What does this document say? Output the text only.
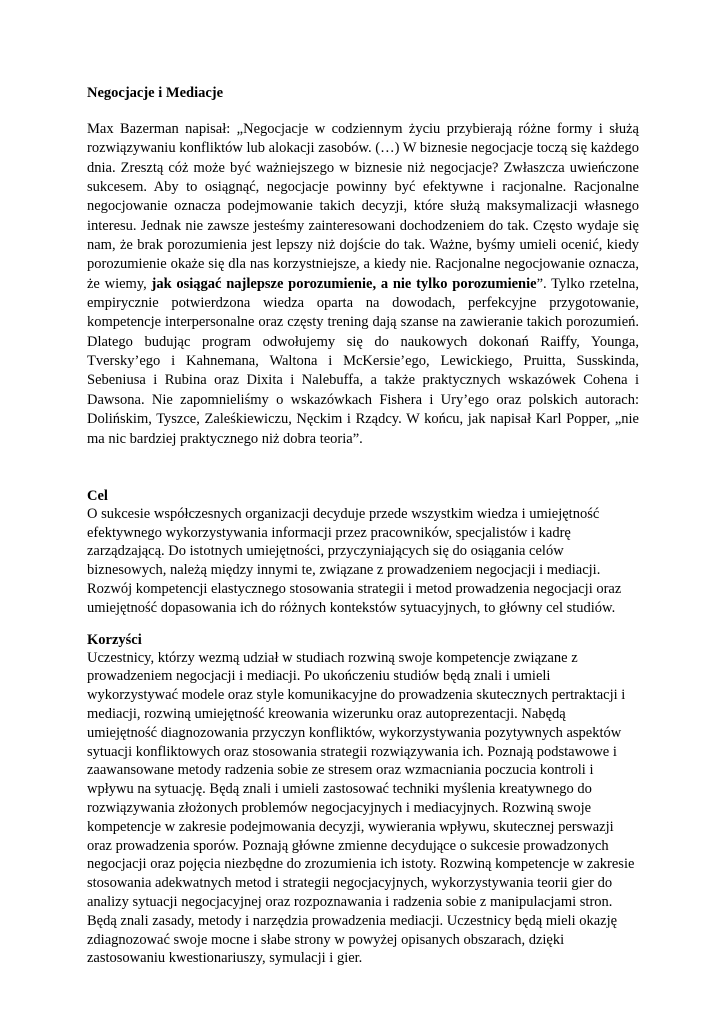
Negocjacje i Mediacje

Max Bazerman napisał: „Negocjacje w codziennym życiu przybierają różne formy i służą rozwiązywaniu konfliktów lub alokacji zasobów. (…) W biznesie negocjacje toczą się każdego dnia. Zresztą cóż może być ważniejszego w biznesie niż negocjacje? Zwłaszcza uwieńczone sukcesem. Aby to osiągnąć, negocjacje powinny być efektywne i racjonalne. Racjonalne negocjowanie oznacza podejmowanie takich decyzji, które służą maksymalizacji własnego interesu. Jednak nie zawsze jesteśmy zainteresowani dochodzeniem do tak. Często wydaje się nam, że brak porozumienia jest lepszy niż dojście do tak. Ważne, byśmy umieli ocenić, kiedy porozumienie okaże się dla nas korzystniejsze, a kiedy nie. Racjonalne negocjowanie oznacza, że wiemy, jak osiągać najlepsze porozumienie, a nie tylko porozumienie”. Tylko rzetelna, empirycznie potwierdzona wiedza oparta na dowodach, perfekcyjne przygotowanie, kompetencje interpersonalne oraz częsty trening dają szanse na zawieranie takich porozumień. Dlatego budując program odwołujemy się do naukowych dokonań Raiffy, Younga, Tversky’ego i Kahnemana, Waltona i McKersie’ego, Lewickiego, Pruitta, Susskinda, Sebeniusa i Rubina oraz Dixita i Nalebuffa, a także praktycznych wskazówek Cohena i Dawsona. Nie zapomnieliśmy o wskazówkach Fishera i Ury’ego oraz polskich autorach: Dolińskim, Tyszce, Zaleśkiewiczu, Nęckim i Rządcy. W końcu, jak napisał Karl Popper, „nie ma nic bardziej praktycznego niż dobra teoria”.

Cel

O sukcesie współczesnych organizacji decyduje przede wszystkim wiedza i umiejętność efektywnego wykorzystywania informacji przez pracowników, specjalistów i kadrę zarządzającą. Do istotnych umiejętności, przyczyniających się do osiągania celów biznesowych, należą między innymi te, związane z prowadzeniem negocjacji i mediacji. Rozwój kompetencji elastycznego stosowania strategii i metod prowadzenia negocjacji oraz umiejętność dopasowania ich do różnych kontekstów sytuacyjnych, to główny cel studiów.

Korzyści

Uczestnicy, którzy wezmą udział w studiach rozwiną swoje kompetencje związane z prowadzeniem negocjacji i mediacji. Po ukończeniu studiów będą znali i umieli wykorzystywać modele oraz style komunikacyjne do prowadzenia skutecznych pertraktacji i mediacji, rozwiną umiejętność kreowania wizerunku oraz autoprezentacji. Nabędą umiejętność diagnozowania przyczyn konfliktów, wykorzystywania pozytywnych aspektów sytuacji konfliktowych oraz stosowania strategii rozwiązywania ich. Poznają podstawowe i zaawansowane metody radzenia sobie ze stresem oraz wzmacniania poczucia kontroli i wpływu na sytuację. Będą znali i umieli zastosować techniki myślenia kreatywnego do rozwiązywania złożonych problemów negocjacyjnych i mediacyjnych. Rozwiną swoje kompetencje w zakresie podejmowania decyzji, wywierania wpływu, skutecznej perswazji oraz prowadzenia sporów. Poznają główne zmienne decydujące o sukcesie prowadzonych negocjacji oraz pojęcia niezbędne do zrozumienia ich istoty. Rozwiną kompetencje w zakresie stosowania adekwatnych metod i strategii negocjacyjnych, wykorzystywania teorii gier do analizy sytuacji negocjacyjnej oraz rozpoznawania i radzenia sobie z manipulacjami stron. Będą znali zasady, metody i narzędzia prowadzenia mediacji. Uczestnicy będą mieli okazję zdiagnozować swoje mocne i słabe strony w powyżej opisanych obszarach, dzięki zastosowaniu kwestionariuszy, symulacji i gier.
